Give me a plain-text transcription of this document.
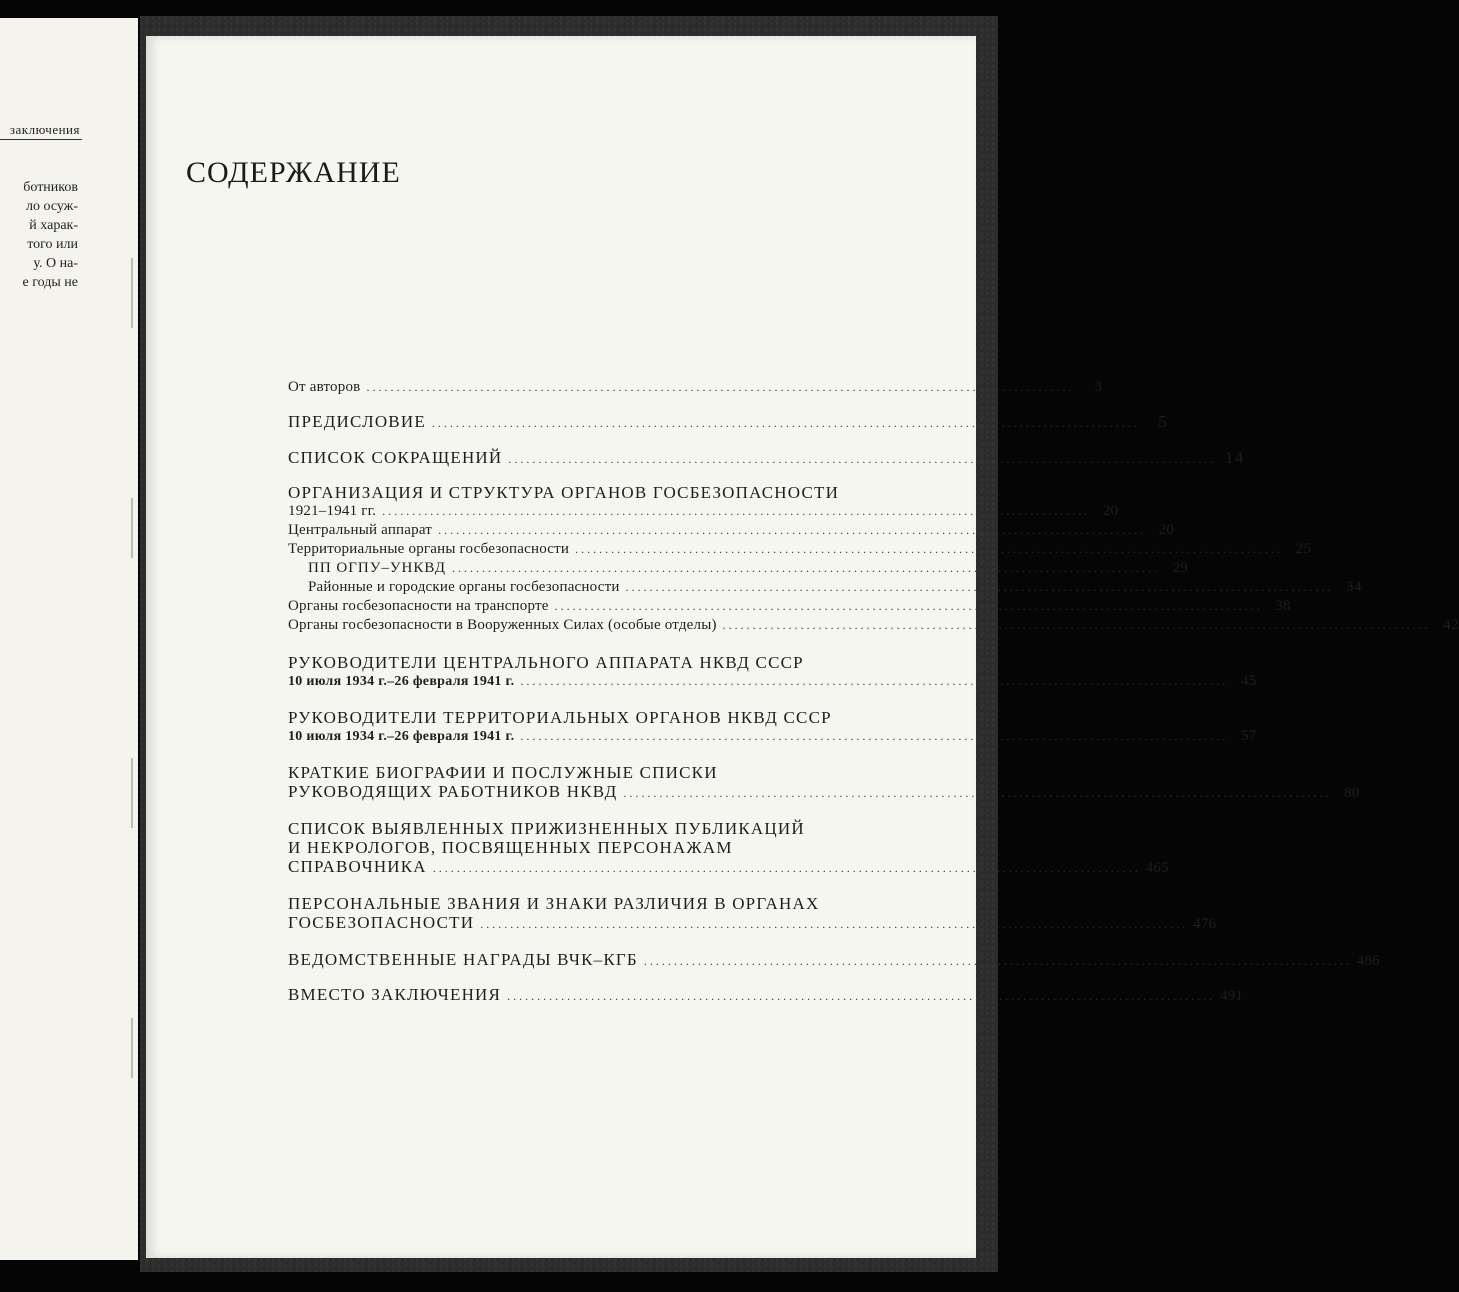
заключения
ботников
ло осуж-
й харак-
того или
у. О на-
е годы не
СОДЕРЖАНИЕ
От авторов ......................................................................................................................	3
ПРЕДИСЛОВИЕ ......................................................................................................................	5
СПИСОК СОКРАЩЕНИЙ ...................................................................................................................... 14
ОРГАНИЗАЦИЯ И СТРУКТУРА ОРГАНОВ ГОСБЕЗОПАСНОСТИ
1921–1941 гг. ...................................................................................................................... 20
Центральный аппарат ...................................................................................................................... 20
Территориальные органы госбезопасности ...................................................................................................................... 25
ПП ОГПУ–УНКВД ...................................................................................................................... 29
Районные и городские органы госбезопасности ...................................................................................................................... 34
Органы госбезопасности на транспорте ...................................................................................................................... 38
Органы госбезопасности в Вооруженных Силах (особые отделы) ...................................................................................................................... 42
РУКОВОДИТЕЛИ ЦЕНТРАЛЬНОГО АППАРАТА НКВД СССР
10 июля 1934 г.–26 февраля 1941 г. ...................................................................................................................... 45
РУКОВОДИТЕЛИ ТЕРРИТОРИАЛЬНЫХ ОРГАНОВ НКВД СССР
10 июля 1934 г.–26 февраля 1941 г. ...................................................................................................................... 57
КРАТКИЕ БИОГРАФИИ И ПОСЛУЖНЫЕ СПИСКИ
РУКОВОДЯЩИХ РАБОТНИКОВ НКВД ...................................................................................................................... 80
СПИСОК ВЫЯВЛЕННЫХ ПРИЖИЗНЕННЫХ ПУБЛИКАЦИЙ
И НЕКРОЛОГОВ, ПОСВЯЩЕННЫХ ПЕРСОНАЖАМ
СПРАВОЧНИКА ...................................................................................................................... 465
ПЕРСОНАЛЬНЫЕ ЗВАНИЯ И ЗНАКИ РАЗЛИЧИЯ В ОРГАНАХ
ГОСБЕЗОПАСНОСТИ ...................................................................................................................... 476
ВЕДОМСТВЕННЫЕ НАГРАДЫ ВЧК–КГБ ...................................................................................................................... 486
ВМЕСТО ЗАКЛЮЧЕНИЯ ...................................................................................................................... 491
